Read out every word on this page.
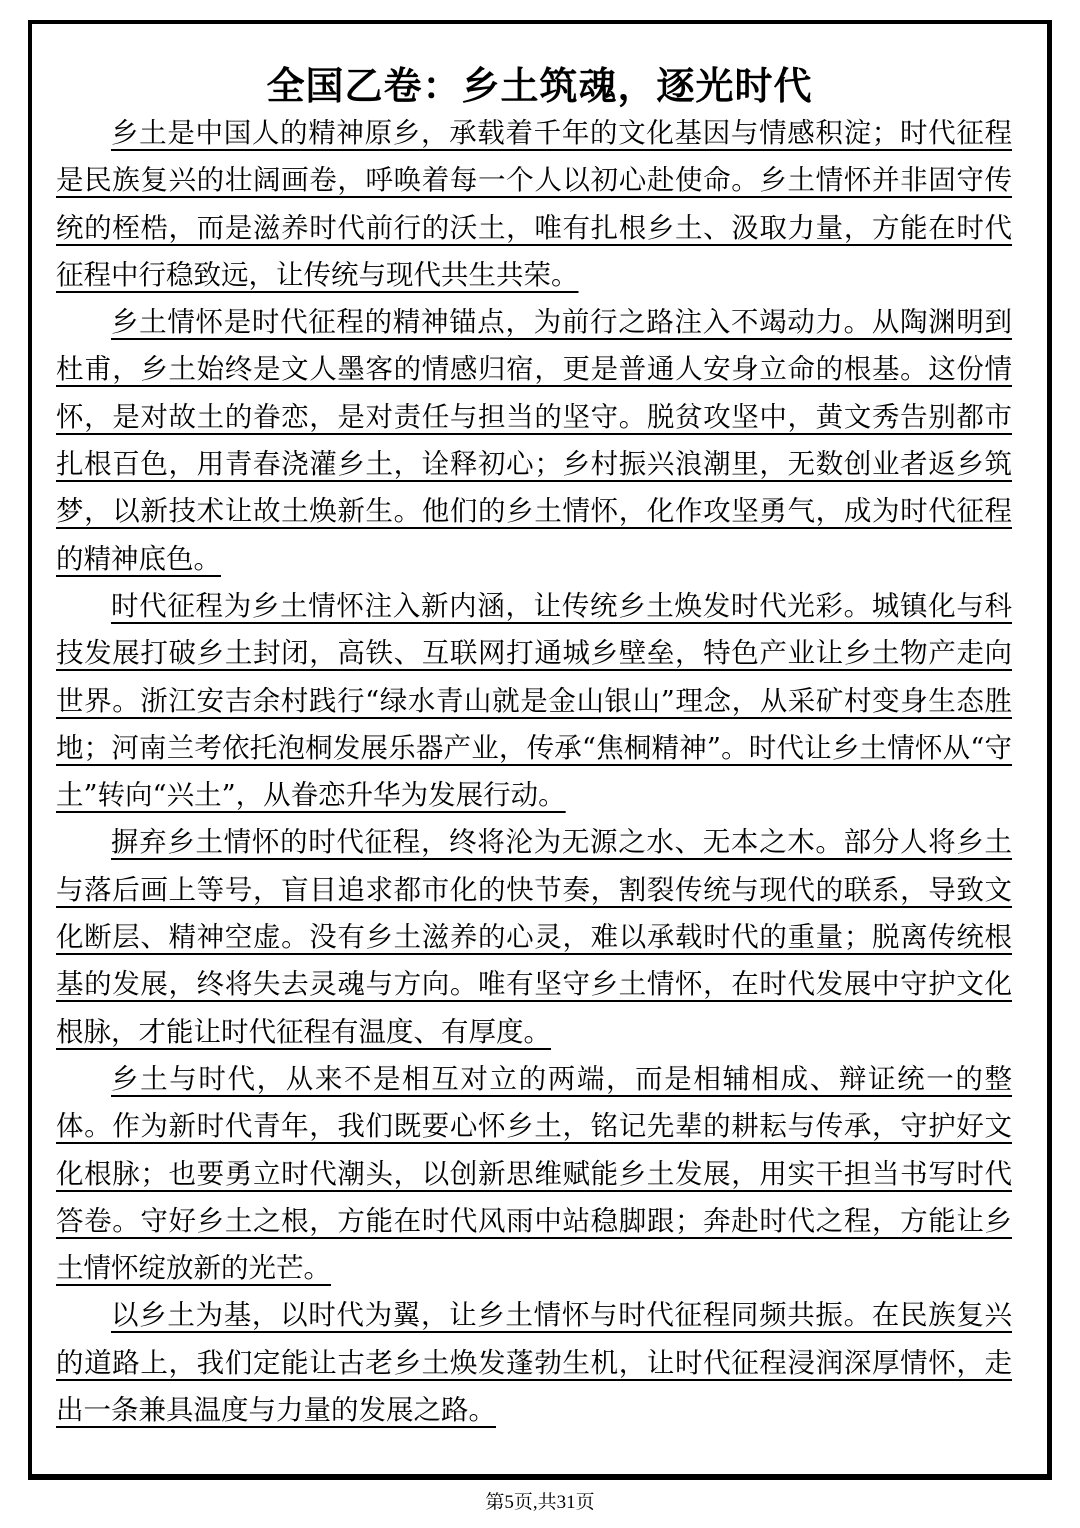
全国乙卷：乡土筑魂，逐光时代

乡土是中国人的精神原乡，承载着千年的文化基因与情感积淀；时代征程是民族复兴的壮阔画卷，呼唤着每一个人以初心赴使命。乡土情怀并非固守传统的桎梏，而是滋养时代前行的沃土，唯有扎根乡土、汲取力量，方能在时代征程中行稳致远，让传统与现代共生共荣。

乡土情怀是时代征程的精神锚点，为前行之路注入不竭动力。从陶渊明到杜甫，乡土始终是文人墨客的情感归宿，更是普通人安身立命的根基。这份情怀，是对故土的眷恋，是对责任与担当的坚守。脱贫攻坚中，黄文秀告别都市扎根百色，用青春浇灌乡土，诠释初心；乡村振兴浪潮里，无数创业者返乡筑梦，以新技术让故土焕新生。他们的乡土情怀，化作攻坚勇气，成为时代征程的精神底色。

时代征程为乡土情怀注入新内涵，让传统乡土焕发时代光彩。城镇化与科技发展打破乡土封闭，高铁、互联网打通城乡壁垒，特色产业让乡土物产走向世界。浙江安吉余村践行“绿水青山就是金山银山”理念，从采矿村变身生态胜地；河南兰考依托泡桐发展乐器产业，传承“焦桐精神”。时代让乡土情怀从“守土”转向“兴土”，从眷恋升华为发展行动。

摒弃乡土情怀的时代征程，终将沦为无源之水、无本之木。部分人将乡土与落后画上等号，盲目追求都市化的快节奏，割裂传统与现代的联系，导致文化断层、精神空虚。没有乡土滋养的心灵，难以承载时代的重量；脱离传统根基的发展，终将失去灵魂与方向。唯有坚守乡土情怀，在时代发展中守护文化根脉，才能让时代征程有温度、有厚度。

乡土与时代，从来不是相互对立的两端，而是相辅相成、辩证统一的整体。作为新时代青年，我们既要心怀乡土，铭记先辈的耕耘与传承，守护好文化根脉；也要勇立时代潮头，以创新思维赋能乡土发展，用实干担当书写时代答卷。守好乡土之根，方能在时代风雨中站稳脚跟；奔赴时代之程，方能让乡土情怀绽放新的光芒。

以乡土为基，以时代为翼，让乡土情怀与时代征程同频共振。在民族复兴的道路上，我们定能让古老乡土焕发蓬勃生机，让时代征程浸润深厚情怀，走出一条兼具温度与力量的发展之路。

第5页,共31页
